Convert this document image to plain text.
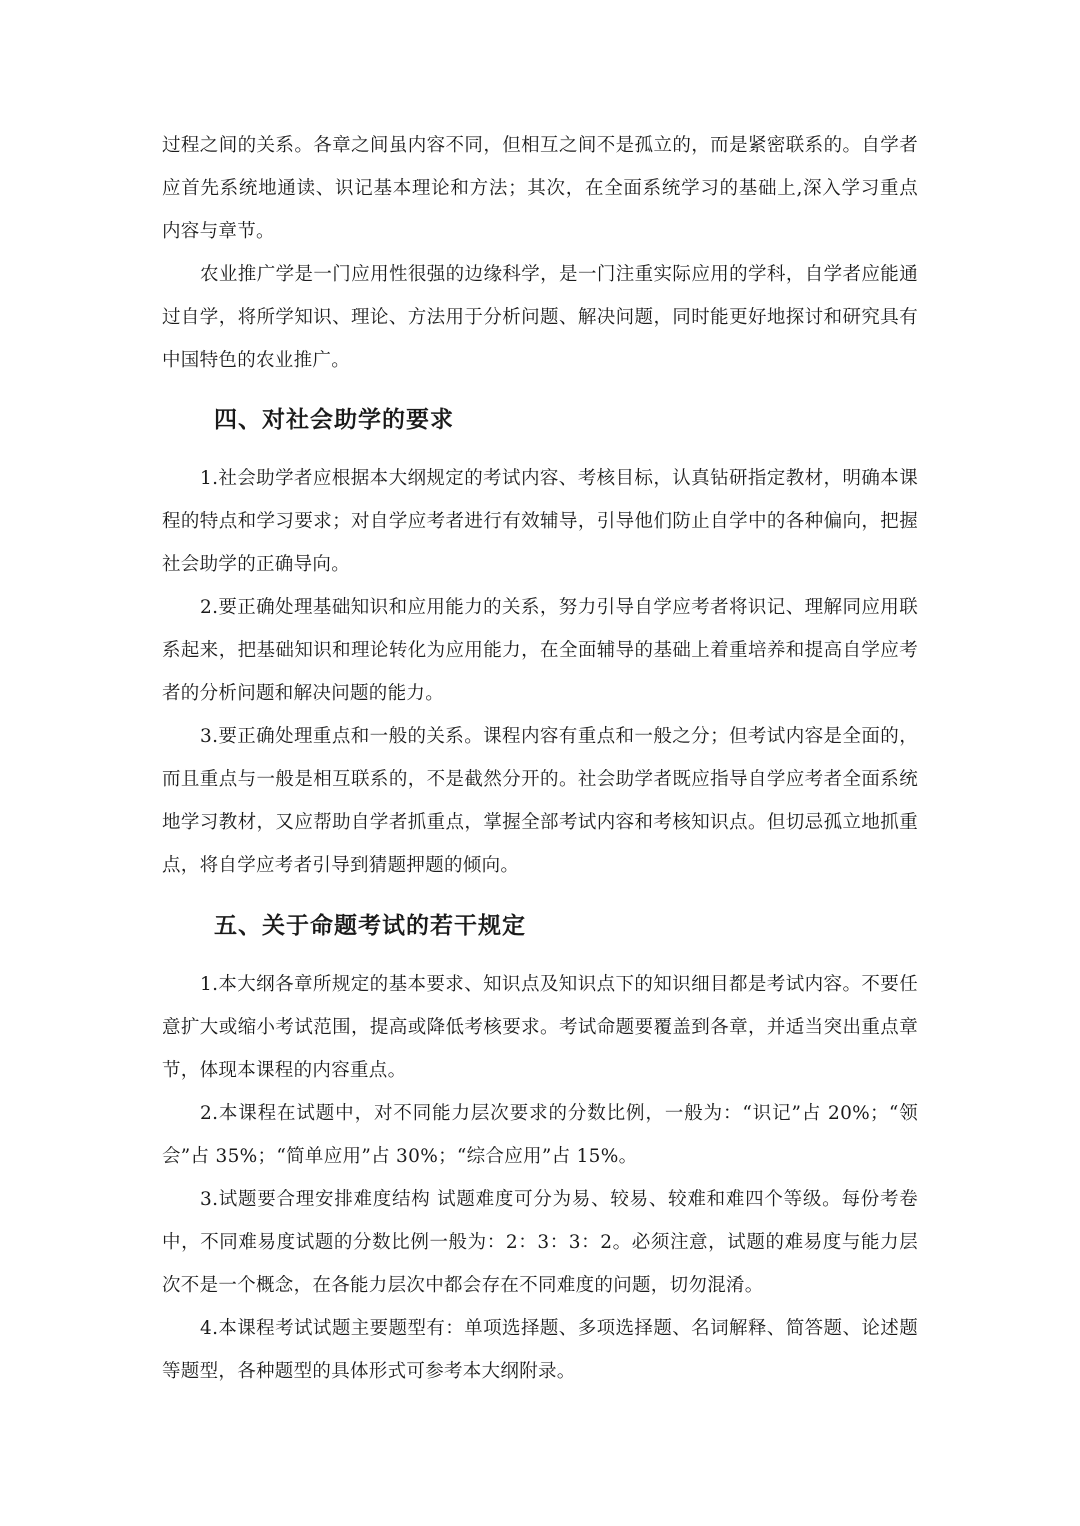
过程之间的关系。各章之间虽内容不同，但相互之间不是孤立的，而是紧密联系的。自学者应首先系统地通读、识记基本理论和方法；其次，在全面系统学习的基础上,深入学习重点内容与章节。

农业推广学是一门应用性很强的边缘科学，是一门注重实际应用的学科，自学者应能通过自学，将所学知识、理论、方法用于分析问题、解决问题，同时能更好地探讨和研究具有中国特色的农业推广。

四、对社会助学的要求

1.社会助学者应根据本大纲规定的考试内容、考核目标，认真钻研指定教材，明确本课程的特点和学习要求；对自学应考者进行有效辅导，引导他们防止自学中的各种偏向，把握社会助学的正确导向。

2.要正确处理基础知识和应用能力的关系，努力引导自学应考者将识记、理解同应用联系起来，把基础知识和理论转化为应用能力，在全面辅导的基础上着重培养和提高自学应考者的分析问题和解决问题的能力。

3.要正确处理重点和一般的关系。课程内容有重点和一般之分；但考试内容是全面的，而且重点与一般是相互联系的，不是截然分开的。社会助学者既应指导自学应考者全面系统地学习教材，又应帮助自学者抓重点，掌握全部考试内容和考核知识点。但切忌孤立地抓重点，将自学应考者引导到猜题押题的倾向。

五、关于命题考试的若干规定

1.本大纲各章所规定的基本要求、知识点及知识点下的知识细目都是考试内容。不要任意扩大或缩小考试范围，提高或降低考核要求。考试命题要覆盖到各章，并适当突出重点章节，体现本课程的内容重点。

2.本课程在试题中，对不同能力层次要求的分数比例，一般为：“识记”占 20%；“领会”占 35%；“简单应用”占 30%；“综合应用”占 15%。

3.试题要合理安排难度结构 试题难度可分为易、较易、较难和难四个等级。每份考卷中，不同难易度试题的分数比例一般为：2：3：3：2。必须注意，试题的难易度与能力层次不是一个概念，在各能力层次中都会存在不同难度的问题，切勿混淆。

4.本课程考试试题主要题型有：单项选择题、多项选择题、名词解释、简答题、论述题等题型，各种题型的具体形式可参考本大纲附录。
